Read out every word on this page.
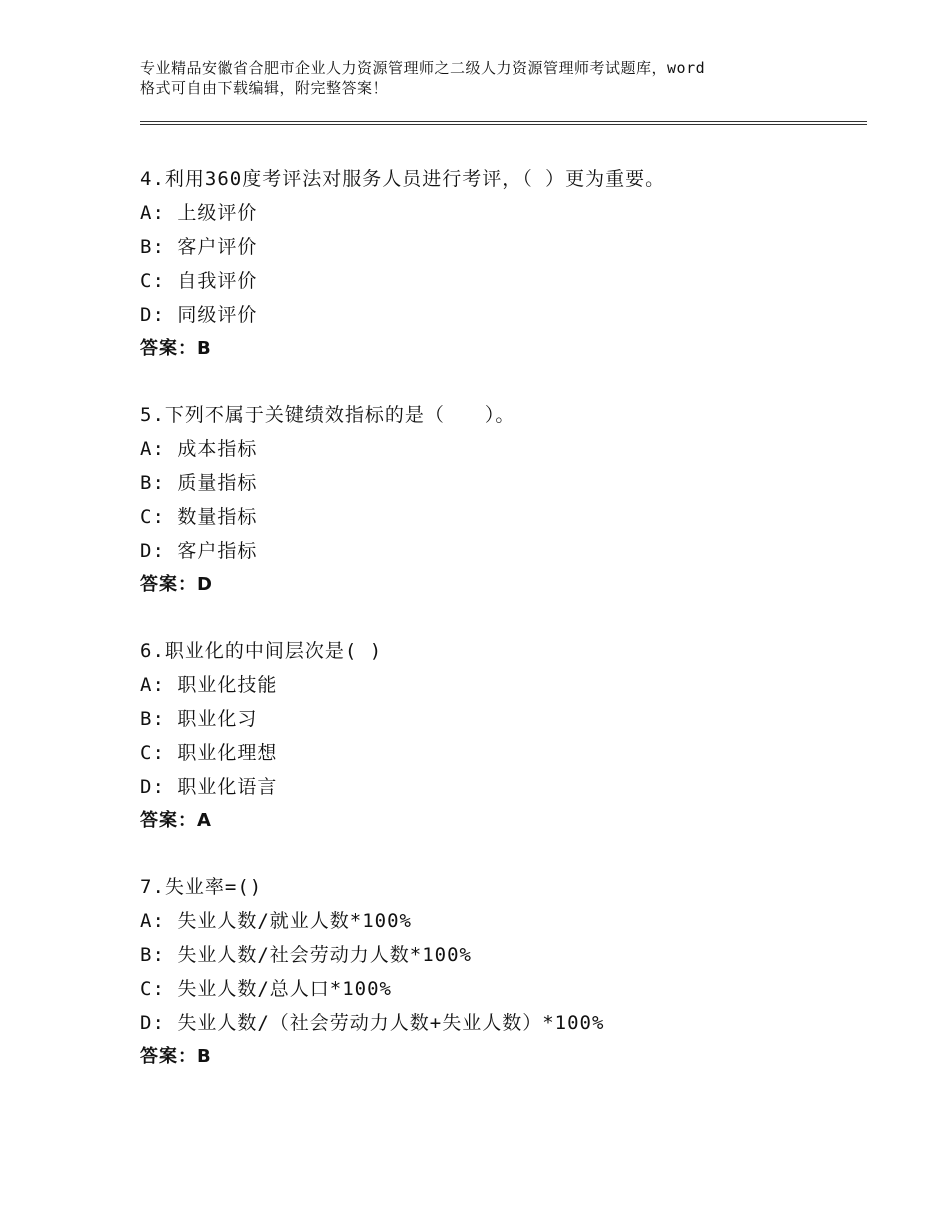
专业精品安徽省合肥市企业人力资源管理师之二级人力资源管理师考试题库，word
格式可自由下载编辑，附完整答案！
4.利用360度考评法对服务人员进行考评，（ ）更为重要。
A: 上级评价
B: 客户评价
C: 自我评价
D: 同级评价
答案：B
5.下列不属于关键绩效指标的是（　　）。
A: 成本指标
B: 质量指标
C: 数量指标
D: 客户指标
答案：D
6.职业化的中间层次是( )
A: 职业化技能
B: 职业化习
C: 职业化理想
D: 职业化语言
答案：A
7.失业率=()
A: 失业人数/就业人数*100%
B: 失业人数/社会劳动力人数*100%
C: 失业人数/总人口*100%
D: 失业人数/（社会劳动力人数+失业人数）*100%
答案：B
